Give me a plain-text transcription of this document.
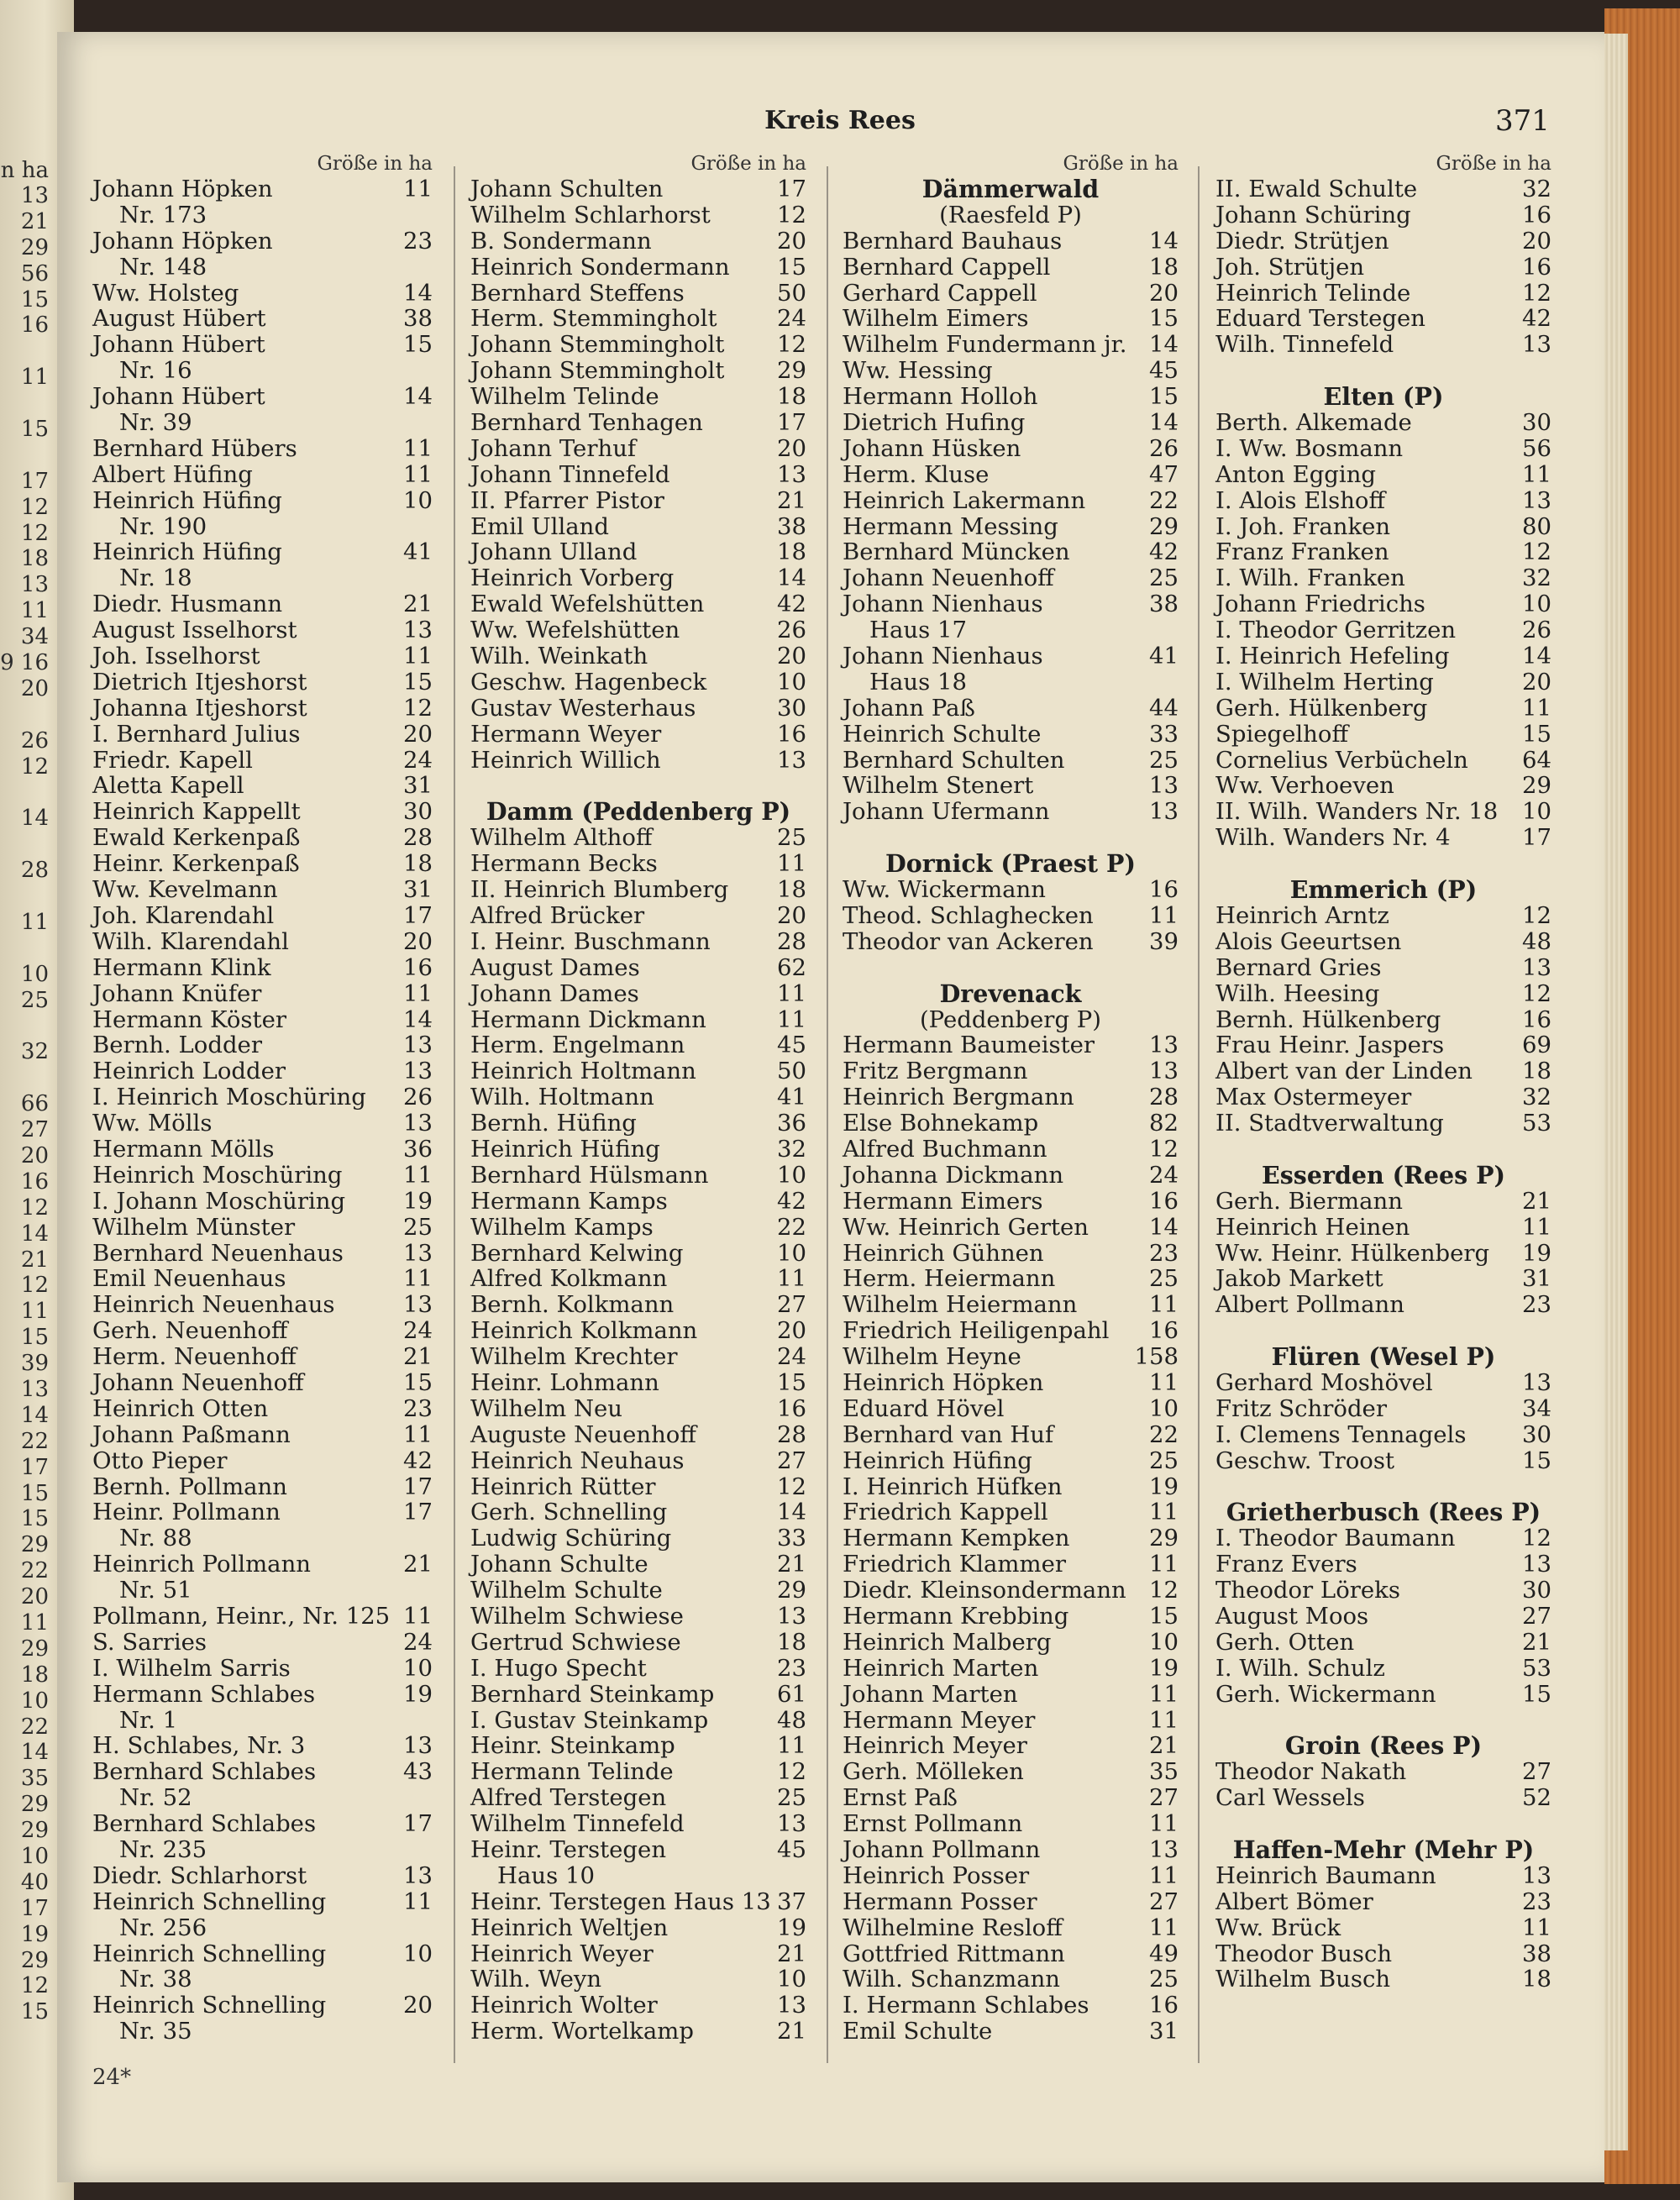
n ha
13
21
29
56
15
16
11
15
17
12
12
18
13
11
34
9 16
20
26
12
14
28
11
10
25
32
66
27
20
16
12
14
21
12
11
15
39
13
14
22
17
15
15
29
22
20
11
29
18
10
22
14
35
29
29
10
40
17
19
29
12
15
Kreis Rees	371
Größe in ha
Johann Höpken	11
Nr. 173
Johann Höpken	23
Nr. 148
Ww. Holsteg	14
August Hübert	38
Johann Hübert	15
Nr. 16
Johann Hübert	14
Nr. 39
Bernhard Hübers	11
Albert Hüfing	11
Heinrich Hüfing	10
Nr. 190
Heinrich Hüfing	41
Nr. 18
Diedr. Husmann	21
August Isselhorst	13
Joh. Isselhorst	11
Dietrich Itjeshorst	15
Johanna Itjeshorst	12
I. Bernhard Julius	20
Friedr. Kapell	24
Aletta Kapell	31
Heinrich Kappellt	30
Ewald Kerkenpaß	28
Heinr. Kerkenpaß	18
Ww. Kevelmann	31
Joh. Klarendahl	17
Wilh. Klarendahl	20
Hermann Klink	16
Johann Knüfer	11
Hermann Köster	14
Bernh. Lodder	13
Heinrich Lodder	13
I. Heinrich Moschüring 26
Ww. Mölls	13
Hermann Mölls	36
Heinrich Moschüring	11
I. Johann Moschüring	19
Wilhelm Münster	25
Bernhard Neuenhaus	13
Emil Neuenhaus	11
Heinrich Neuenhaus	13
Gerh. Neuenhoff	24
Herm. Neuenhoff	21
Johann Neuenhoff	15
Heinrich Otten	23
Johann Paßmann	11
Otto Pieper	42
Bernh. Pollmann	17
Heinr. Pollmann	17
Nr. 88
Heinrich Pollmann	21
Nr. 51
Pollmann, Heinr., Nr. 125 11
S. Sarries	24
I. Wilhelm Sarris	10
Hermann Schlabes	19
Nr. 1
H. Schlabes, Nr. 3	13
Bernhard Schlabes	43
Nr. 52
Bernhard Schlabes	17
Nr. 235
Diedr. Schlarhorst	13
Heinrich Schnelling	11
Nr. 256
Heinrich Schnelling	10
Nr. 38
Heinrich Schnelling	20
Nr. 35
Größe in ha
Johann Schulten	17
Wilhelm Schlarhorst	12
B. Sondermann	20
Heinrich Sondermann 15
Bernhard Steffens	50
Herm. Stemmingholt	24
Johann Stemmingholt 12
Johann Stemmingholt 29
Wilhelm Telinde	18
Bernhard Tenhagen	17
Johann Terhuf	20
Johann Tinnefeld	13
II. Pfarrer Pistor	21
Emil Ulland	38
Johann Ulland	18
Heinrich Vorberg	14
Ewald Wefelshütten	42
Ww. Wefelshütten	26
Wilh. Weinkath	20
Geschw. Hagenbeck	10
Gustav Westerhaus	30
Hermann Weyer	16
Heinrich Willich	13
Damm (Peddenberg P)
Wilhelm Althoff	25
Hermann Becks	11
II. Heinrich Blumberg 18
Alfred Brücker	20
I. Heinr. Buschmann	28
August Dames	62
Johann Dames	11
Hermann Dickmann	11
Herm. Engelmann	45
Heinrich Holtmann	50
Wilh. Holtmann	41
Bernh. Hüfing	36
Heinrich Hüfing	32
Bernhard Hülsmann	10
Hermann Kamps	42
Wilhelm Kamps	22
Bernhard Kelwing	10
Alfred Kolkmann	11
Bernh. Kolkmann	27
Heinrich Kolkmann	20
Wilhelm Krechter	24
Heinr. Lohmann	15
Wilhelm Neu	16
Auguste Neuenhoff	28
Heinrich Neuhaus	27
Heinrich Rütter	12
Gerh. Schnelling	14
Ludwig Schüring	33
Johann Schulte	21
Wilhelm Schulte	29
Wilhelm Schwiese	13
Gertrud Schwiese	18
I. Hugo Specht	23
Bernhard Steinkamp	61
I. Gustav Steinkamp	48
Heinr. Steinkamp	11
Hermann Telinde	12
Alfred Terstegen	25
Wilhelm Tinnefeld	13
Heinr. Terstegen	45
Haus 10
Heinr. Terstegen Haus 13 37
Heinrich Weltjen	19
Heinrich Weyer	21
Wilh. Weyn	10
Heinrich Wolter	13
Herm. Wortelkamp	21
Größe in ha
Dämmerwald
(Raesfeld P)
Bernhard Bauhaus	14
Bernhard Cappell	18
Gerhard Cappell	20
Wilhelm Eimers	15
Wilhelm Fundermann jr. 14
Ww. Hessing	45
Hermann Holloh	15
Dietrich Hufing	14
Johann Hüsken	26
Herm. Kluse	47
Heinrich Lakermann	22
Hermann Messing	29
Bernhard Müncken	42
Johann Neuenhoff	25
Johann Nienhaus	38
Haus 17
Johann Nienhaus	41
Haus 18
Johann Paß	44
Heinrich Schulte	33
Bernhard Schulten	25
Wilhelm Stenert	13
Johann Ufermann	13
Dornick (Praest P)
Ww. Wickermann	16
Theod. Schlaghecken 11
Theodor van Ackeren 39
Drevenack
(Peddenberg P)
Hermann Baumeister 13
Fritz Bergmann	13
Heinrich Bergmann	28
Else Bohnekamp	82
Alfred Buchmann	12
Johanna Dickmann	24
Hermann Eimers	16
Ww. Heinrich Gerten	14
Heinrich Gühnen	23
Herm. Heiermann	25
Wilhelm Heiermann	11
Friedrich Heiligenpahl 16
Wilhelm Heyne	158
Heinrich Höpken	11
Eduard Hövel	10
Bernhard van Huf	22
Heinrich Hüfing	25
I. Heinrich Hüfken	19
Friedrich Kappell	11
Hermann Kempken	29
Friedrich Klammer	11
Diedr. Kleinsondermann 12
Hermann Krebbing	15
Heinrich Malberg	10
Heinrich Marten	19
Johann Marten	11
Hermann Meyer	11
Heinrich Meyer	21
Gerh. Mölleken	35
Ernst Paß	27
Ernst Pollmann	11
Johann Pollmann	13
Heinrich Posser	11
Hermann Posser	27
Wilhelmine Resloff	11
Gottfried Rittmann	49
Wilh. Schanzmann	25
I. Hermann Schlabes	16
Emil Schulte	31
Größe in ha
II. Ewald Schulte	32
Johann Schüring	16
Diedr. Strütjen	20
Joh. Strütjen	16
Heinrich Telinde	12
Eduard Terstegen	42
Wilh. Tinnefeld	13
Elten (P)
Berth. Alkemade	30
I. Ww. Bosmann	56
Anton Egging	11
I. Alois Elshoff	13
I. Joh. Franken	80
Franz Franken	12
I. Wilh. Franken	32
Johann Friedrichs	10
I. Theodor Gerritzen	26
I. Heinrich Hefeling	14
I. Wilhelm Herting	20
Gerh. Hülkenberg	11
Spiegelhoff	15
Cornelius Verbücheln 64
Ww. Verhoeven	29
II. Wilh. Wanders Nr. 18 10
Wilh. Wanders Nr. 4	17
Emmerich (P)
Heinrich Arntz	12
Alois Geeurtsen	48
Bernard Gries	13
Wilh. Heesing	12
Bernh. Hülkenberg	16
Frau Heinr. Jaspers	69
Albert van der Linden 18
Max Ostermeyer	32
II. Stadtverwaltung	53
Esserden (Rees P)
Gerh. Biermann	21
Heinrich Heinen	11
Ww. Heinr. Hülkenberg 19
Jakob Markett	31
Albert Pollmann	23
Flüren (Wesel P)
Gerhard Moshövel	13
Fritz Schröder	34
I. Clemens Tennagels 30
Geschw. Troost	15
Grietherbusch (Rees P)
I. Theodor Baumann	12
Franz Evers	13
Theodor Löreks	30
August Moos	27
Gerh. Otten	21
I. Wilh. Schulz	53
Gerh. Wickermann	15
Groin (Rees P)
Theodor Nakath	27
Carl Wessels	52
Haffen-Mehr (Mehr P)
Heinrich Baumann	13
Albert Bömer	23
Ww. Brück	11
Theodor Busch	38
Wilhelm Busch	18
24*
